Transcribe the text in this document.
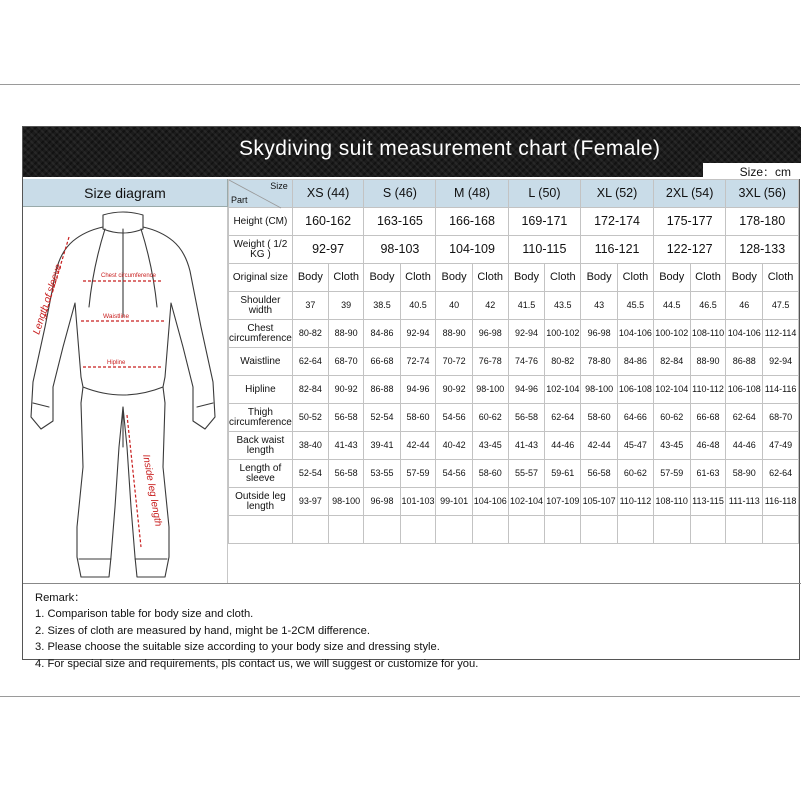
Skydiving suit measurement chart (Female)
Size：cm
Size diagram
Length of sleeve	Chest circumference
Waistline
Hipline
Inside leg length
Size
Part	XS (44)		S (46)		M (48)		L (50)		XL (52)		2XL (54)		3XL (56)	
Height (CM)	160-162		163-165		166-168		169-171		172-174		175-177		178-180	
Weight ( 1/2 KG )	92-97		98-103		104-109		110-115		116-121		122-127		128-133	
Original size	Body	Cloth	Body	Cloth	Body	Cloth	Body	Cloth	Body	Cloth	Body	Cloth	Body	Cloth
Shoulder width	37	39	38.5	40.5	40	42	41.5	43.5	43	45.5	44.5	46.5	46	47.5
Chest circumference	80-82	88-90	84-86	92-94	88-90	96-98	92-94	100-102	96-98	104-106	100-102	108-110	104-106	112-114
Waistline	62-64	68-70	66-68	72-74	70-72	76-78	74-76	80-82	78-80	84-86	82-84	88-90	86-88	92-94
Hipline	82-84	90-92	86-88	94-96	90-92	98-100	94-96	102-104	98-100	106-108	102-104	110-112	106-108	114-116
Thigh circumference	50-52	56-58	52-54	58-60	54-56	60-62	56-58	62-64	58-60	64-66	60-62	66-68	62-64	68-70
Back waist length	38-40	41-43	39-41	42-44	40-42	43-45	41-43	44-46	42-44	45-47	43-45	46-48	44-46	47-49
Length of sleeve	52-54	56-58	53-55	57-59	54-56	58-60	55-57	59-61	56-58	60-62	57-59	61-63	58-90	62-64
Outside leg length	93-97	98-100	96-98	101-103	99-101	104-106	102-104	107-109	105-107	110-112	108-110	113-115	111-113	116-118

Remark：

1. Comparison table for body size and cloth.

2. Sizes of cloth are measured by hand, might be 1-2CM difference.

3. Please choose the suitable size according to your body size and dressing style.

4. For special size and requirements, pls contact us, we will suggest or customize for you.
